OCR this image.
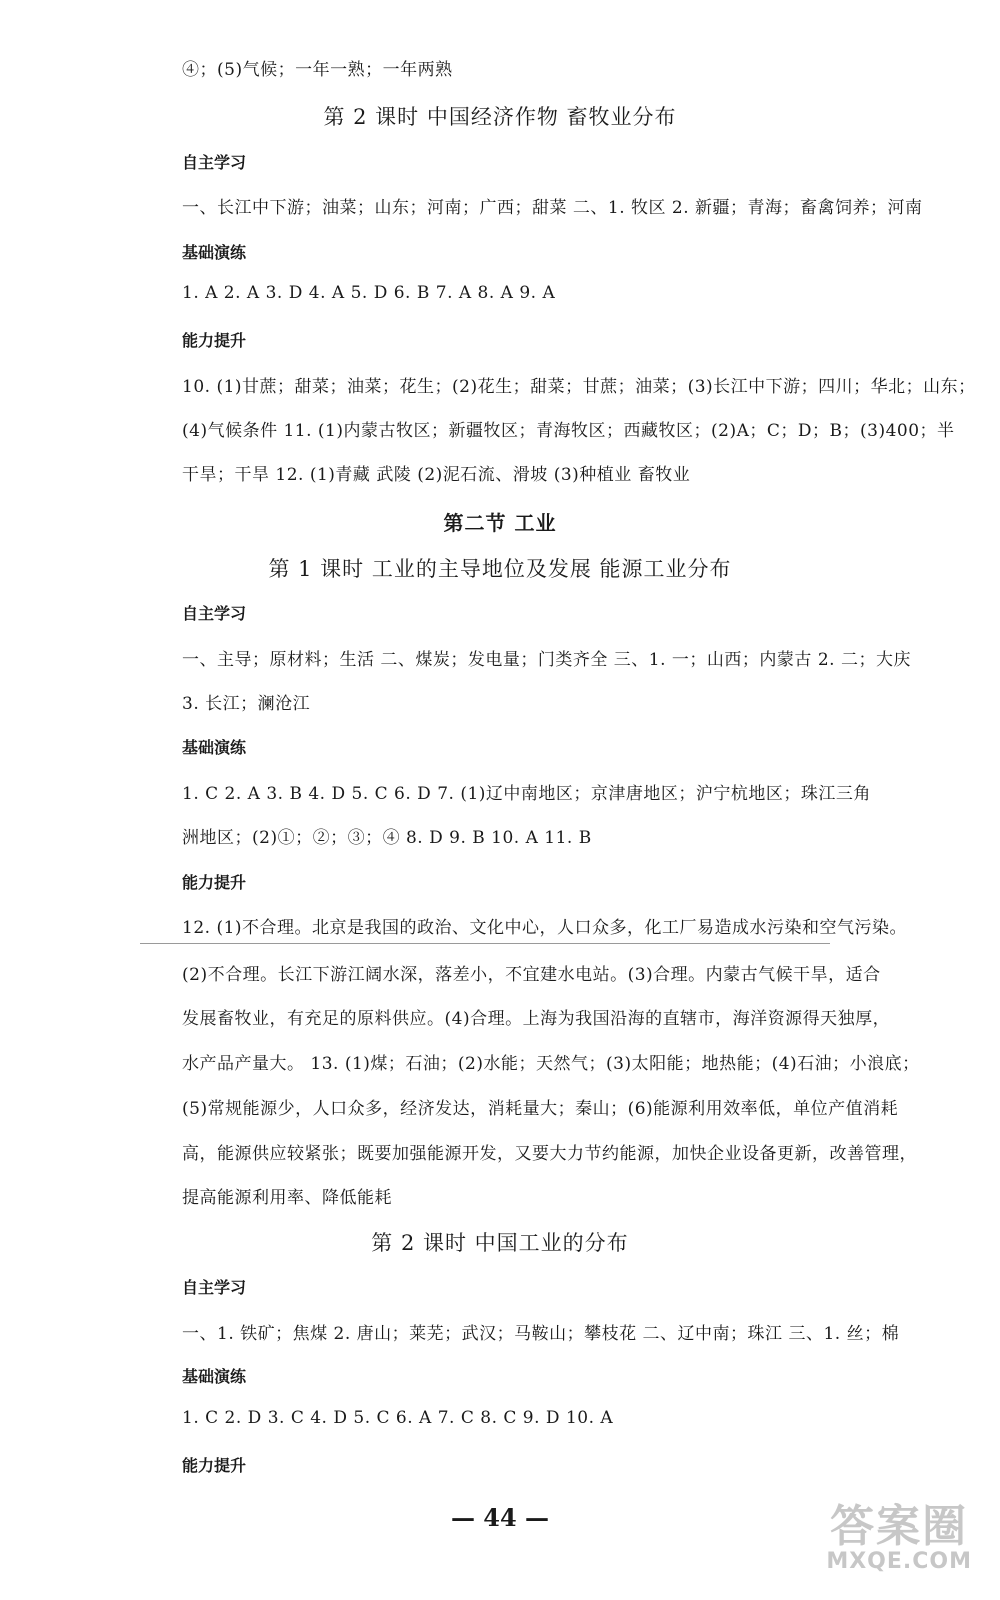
④；(5)气候；一年一熟；一年两熟
第 2 课时 中国经济作物 畜牧业分布
自主学习
一、长江中下游；油菜；山东；河南；广西；甜菜 二、1. 牧区 2. 新疆；青海；畜禽饲养；河南
基础演练
1. A 2. A 3. D 4. A 5. D 6. B 7. A 8. A 9. A
能力提升
10. (1)甘蔗；甜菜；油菜；花生；(2)花生；甜菜；甘蔗；油菜；(3)长江中下游；四川；华北；山东；
(4)气候条件 11. (1)内蒙古牧区；新疆牧区；青海牧区；西藏牧区；(2)A；C；D；B；(3)400；半
干旱；干旱 12. (1)青藏 武陵 (2)泥石流、滑坡 (3)种植业 畜牧业
第二节 工业
第 1 课时 工业的主导地位及发展 能源工业分布
自主学习
一、主导；原材料；生活 二、煤炭；发电量；门类齐全 三、1. 一；山西；内蒙古 2. 二；大庆
3. 长江；澜沧江
基础演练
1. C 2. A 3. B 4. D 5. C 6. D 7. (1)辽中南地区；京津唐地区；沪宁杭地区；珠江三角
洲地区；(2)①；②；③；④ 8. D 9. B 10. A 11. B
能力提升
12. (1)不合理。北京是我国的政治、文化中心，人口众多，化工厂易造成水污染和空气污染。
(2)不合理。长江下游江阔水深，落差小，不宜建水电站。(3)合理。内蒙古气候干旱，适合
发展畜牧业，有充足的原料供应。(4)合理。上海为我国沿海的直辖市，海洋资源得天独厚，
水产品产量大。 13. (1)煤；石油；(2)水能；天然气；(3)太阳能；地热能；(4)石油；小浪底；
(5)常规能源少，人口众多，经济发达，消耗量大；秦山；(6)能源利用效率低，单位产值消耗
高，能源供应较紧张；既要加强能源开发，又要大力节约能源，加快企业设备更新，改善管理，
提高能源利用率、降低能耗
第 2 课时 中国工业的分布
自主学习
一、1. 铁矿；焦煤 2. 唐山；莱芜；武汉；马鞍山；攀枝花 二、辽中南；珠江 三、1. 丝；棉
基础演练
1. C 2. D 3. C 4. D 5. C 6. A 7. C 8. C 9. D 10. A
能力提升
— 44 —	答案圈
MXQE.COM
